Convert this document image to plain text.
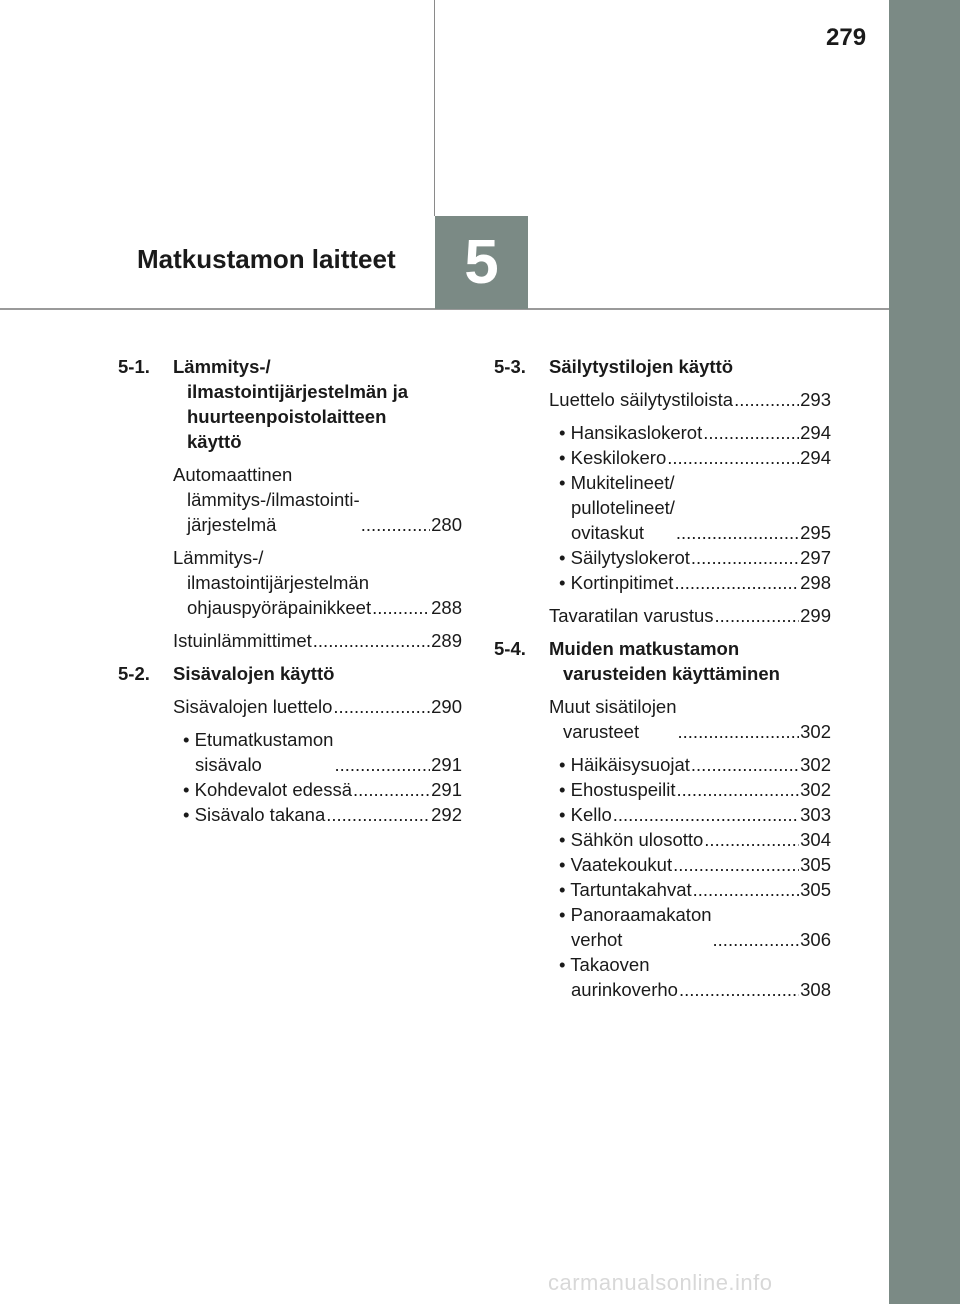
279
Matkustamon laitteet 5
5-1.	Lämmitys-/
ilmastointijärjestelmän ja
huurteenpoistolaitteen
käyttö
Automaattinen
lämmitys-/ilmastointi-
järjestelmä .....	280
Lämmitys-/
ilmastointijärjestelmän
ohjauspyöräpainikkeet .....	288
Istuinlämmittimet .....	289
5-2.	Sisävalojen käyttö
Sisävalojen luettelo .....	290
• Etumatkustamon
sisävalo .....	291
• Kohdevalot edessä .....	291
• Sisävalo takana .....	292
5-3.	Säilytystilojen käyttö
Luettelo säilytystiloista .....	293
• Hansikaslokerot .....	294
• Keskilokero .....	294
• Mukitelineet/
pullotelineet/
ovitaskut .....	295
• Säilytyslokerot .....	297
• Kortinpitimet .....	298
Tavaratilan varustus .....	299
5-4.	Muiden matkustamon
varusteiden käyttäminen
Muut sisätilojen
varusteet .....	302
• Häikäisysuojat .....	302
• Ehostuspeilit .....	302
• Kello .....	303
• Sähkön ulosotto .....	304
• Vaatekoukut .....	305
• Tartuntakahvat .....	305
• Panoraamakaton
verhot .....	306
• Takaoven
aurinkoverho .....	308
carmanualsonline.info
